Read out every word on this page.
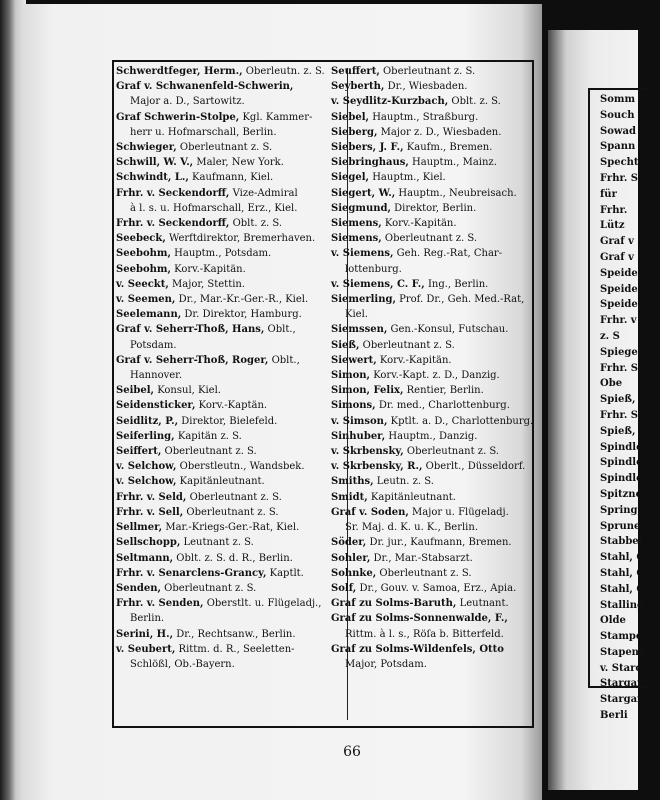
66
Schwerdtfeger, Herm., Oberleutn. z. S.
Graf v. Schwanenfeld-Schwerin,
Major a. D., Sartowitz.
Graf Schwerin-Stolpe, Kgl. Kammer-
herr u. Hofmarschall, Berlin.
Schwieger, Oberleutnant z. S.
Schwill, W. V., Maler, New York.
Schwindt, L., Kaufmann, Kiel.
Frhr. v. Seckendorff, Vize-Admiral
à l. s. u. Hofmarschall, Erz., Kiel.
Frhr. v. Seckendorff, Oblt. z. S.
Seebeck, Werftdirektor, Bremerhaven.
Seebohm, Hauptm., Potsdam.
Seebohm, Korv.-Kapitän.
v. Seeckt, Major, Stettin.
v. Seemen, Dr., Mar.-Kr.-Ger.-R., Kiel.
Seelemann, Dr. Direktor, Hamburg.
Graf v. Seherr-Thoß, Hans, Oblt.,
Potsdam.
Graf v. Seherr-Thoß, Roger, Oblt.,
Hannover.
Seibel, Konsul, Kiel.
Seidensticker, Korv.-Kaptän.
Seidlitz, P., Direktor, Bielefeld.
Seiferling, Kapitän z. S.
Seiffert, Oberleutnant z. S.
v. Selchow, Oberstleutn., Wandsbek.
v. Selchow, Kapitänleutnant.
Frhr. v. Seld, Oberleutnant z. S.
Frhr. v. Sell, Oberleutnant z. S.
Sellmer, Mar.-Kriegs-Ger.-Rat, Kiel.
Sellschopp, Leutnant z. S.
Seltmann, Oblt. z. S. d. R., Berlin.
Frhr. v. Senarclens-Grancy, Kaptlt.
Senden, Oberleutnant z. S.
Frhr. v. Senden, Oberstlt. u. Flügeladj.,
Berlin.
Serini, H., Dr., Rechtsanw., Berlin.
v. Seubert, Rittm. d. R., Seeletten-
Schlößl, Ob.-Bayern.
Seuffert, Oberleutnant z. S.
Seyberth, Dr., Wiesbaden.
v. Seydlitz-Kurzbach, Oblt. z. S.
Siebel, Hauptm., Straßburg.
Sieberg, Major z. D., Wiesbaden.
Siebers, J. F., Kaufm., Bremen.
Siebringhaus, Hauptm., Mainz.
Siegel, Hauptm., Kiel.
Siegert, W., Hauptm., Neubreisach.
Siegmund, Direktor, Berlin.
Siemens, Korv.-Kapitän.
Siemens, Oberleutnant z. S.
v. Siemens, Geh. Reg.-Rat, Char-
lottenburg.
v. Siemens, C. F., Ing., Berlin.
Siemerling, Prof. Dr., Geh. Med.-Rat,
Kiel.
Siemssen, Gen.-Konsul, Futschau.
Sieß, Oberleutnant z. S.
Siewert, Korv.-Kapitän.
Simon, Korv.-Kapt. z. D., Danzig.
Simon, Felix, Rentier, Berlin.
Simons, Dr. med., Charlottenburg.
v. Simson, Kptlt. a. D., Charlottenburg.
Sinhuber, Hauptm., Danzig.
v. Skrbensky, Oberleutnant z. S.
v. Skrbensky, R., Oberlt., Düsseldorf.
Smiths, Leutn. z. S.
Smidt, Kapitänleutnant.
Graf v. Soden, Major u. Flügeladj.
Sr. Maj. d. K. u. K., Berlin.
Söder, Dr. jur., Kaufmann, Bremen.
Sohler, Dr., Mar.-Stabsarzt.
Sohnke, Oberleutnant z. S.
Solf, Dr., Gouv. v. Samoa, Erz., Apia.
Graf zu Solms-Baruth, Leutnant.
Graf zu Solms-Sonnenwalde, F.,
Rittm. à l. s., Röſa b. Bitterfeld.
Graf zu Solms-Wildenfels, Otto
Major, Potsdam.
Somm
Souch
Sowad
Spann
Specht
Frhr. S
für
Frhr.
Lütz
Graf v
Graf v
Speide
Speide
Speide
Frhr. v
z. S
Spiegel
Frhr. S
Obe
Spieß,
Frhr. S
Spieß,
Spindle
Spindle
Spindle
Spitzner
Spring,
Sprune
Stabber
Stahl, C
Stahl, C
Stahl, C
Stalling
Olde
Stampe,
Stapenh
v. Starc
Stargar
Stargar
Berli
